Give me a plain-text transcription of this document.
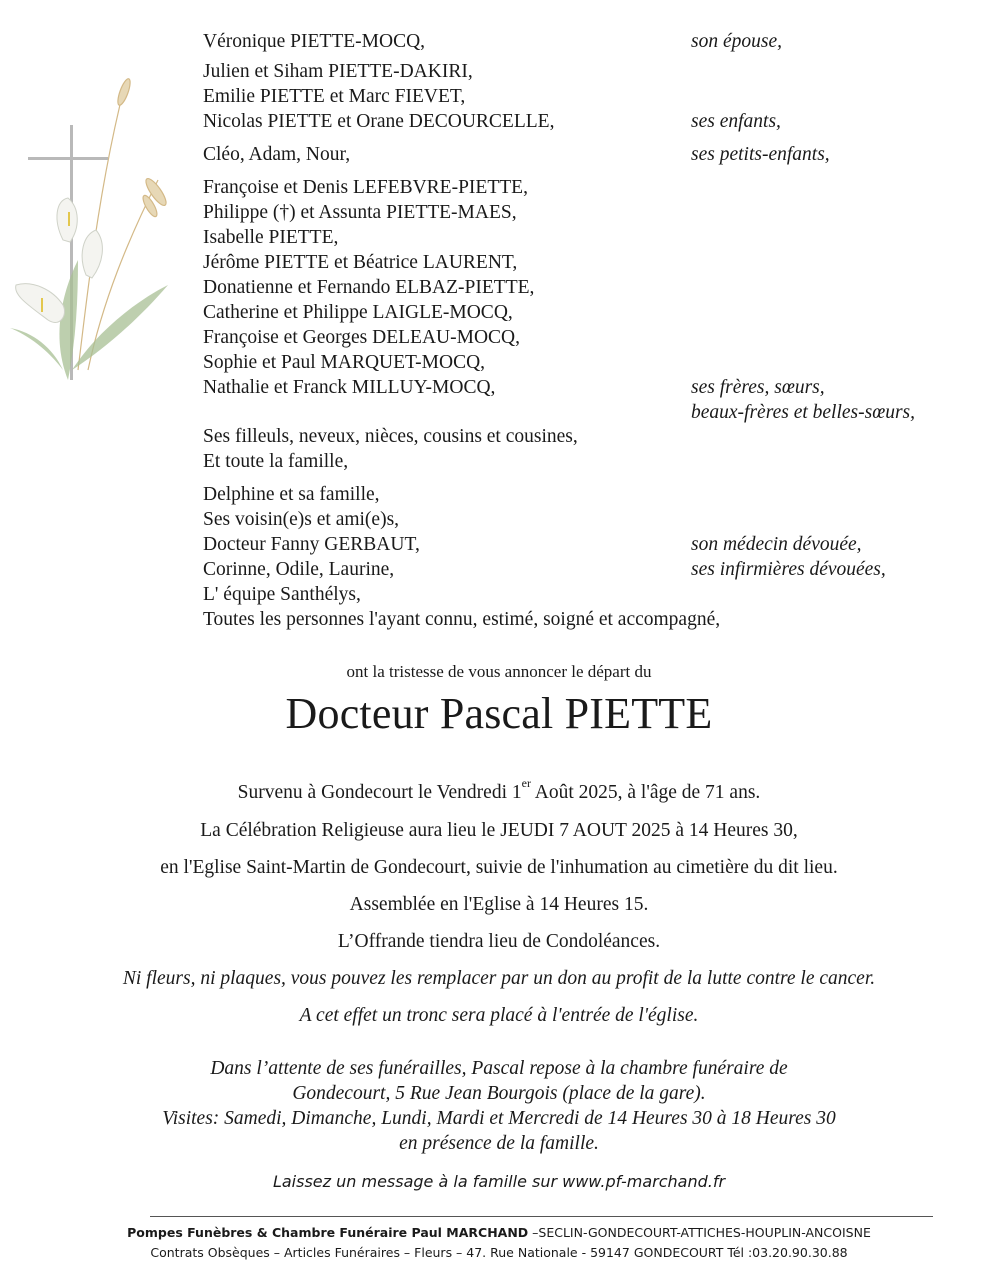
Véronique PIETTE-MOCQ,	son épouse,
Julien et Siham PIETTE-DAKIRI,
Emilie PIETTE et Marc FIEVET,
Nicolas PIETTE et Orane DECOURCELLE,	ses enfants,
Cléo, Adam, Nour,	ses petits-enfants,
Françoise et Denis LEFEBVRE-PIETTE,
Philippe (†) et Assunta PIETTE-MAES,
Isabelle PIETTE,
Jérôme PIETTE et Béatrice LAURENT,
Donatienne et Fernando ELBAZ-PIETTE,
Catherine et Philippe LAIGLE-MOCQ,
Françoise et Georges DELEAU-MOCQ,
Sophie et Paul MARQUET-MOCQ,
Nathalie et Franck MILLUY-MOCQ,	ses frères, sœurs,
beaux-frères et belles-sœurs,
Ses filleuls, neveux, nièces, cousins et cousines,
Et toute la famille,
Delphine et sa famille,
Ses voisin(e)s et ami(e)s,
Docteur Fanny GERBAUT,	son médecin dévouée,
Corinne, Odile, Laurine,	ses infirmières dévouées,
L' équipe Santhélys,
Toutes les personnes l'ayant connu, estimé, soigné et accompagné,
ont la tristesse de vous annoncer le départ du
Docteur Pascal PIETTE
Survenu à Gondecourt le Vendredi 1er Août 2025, à l'âge de 71 ans.
La Célébration Religieuse aura lieu le JEUDI 7 AOUT 2025 à 14 Heures 30,
en l'Eglise Saint-Martin de Gondecourt, suivie de l'inhumation au cimetière du dit lieu.
Assemblée en l'Eglise à 14 Heures 15.
L’Offrande tiendra lieu de Condoléances.
Ni fleurs, ni plaques, vous pouvez les remplacer par un don au profit de la lutte contre le cancer.
A cet effet un tronc sera placé à l'entrée de l'église.
Dans l’attente de ses funérailles, Pascal repose à la chambre funéraire de
Gondecourt, 5 Rue Jean Bourgois (place de la gare).
Visites: Samedi, Dimanche, Lundi, Mardi et Mercredi de 14 Heures 30 à 18 Heures 30
en présence de la famille.
Laissez un message à la famille sur www.pf-marchand.fr
Pompes Funèbres & Chambre Funéraire Paul MARCHAND –SECLIN-GONDECOURT-ATTICHES-HOUPLIN-ANCOISNE
Contrats Obsèques – Articles Funéraires – Fleurs – 47. Rue Nationale - 59147 GONDECOURT Tél :03.20.90.30.88
